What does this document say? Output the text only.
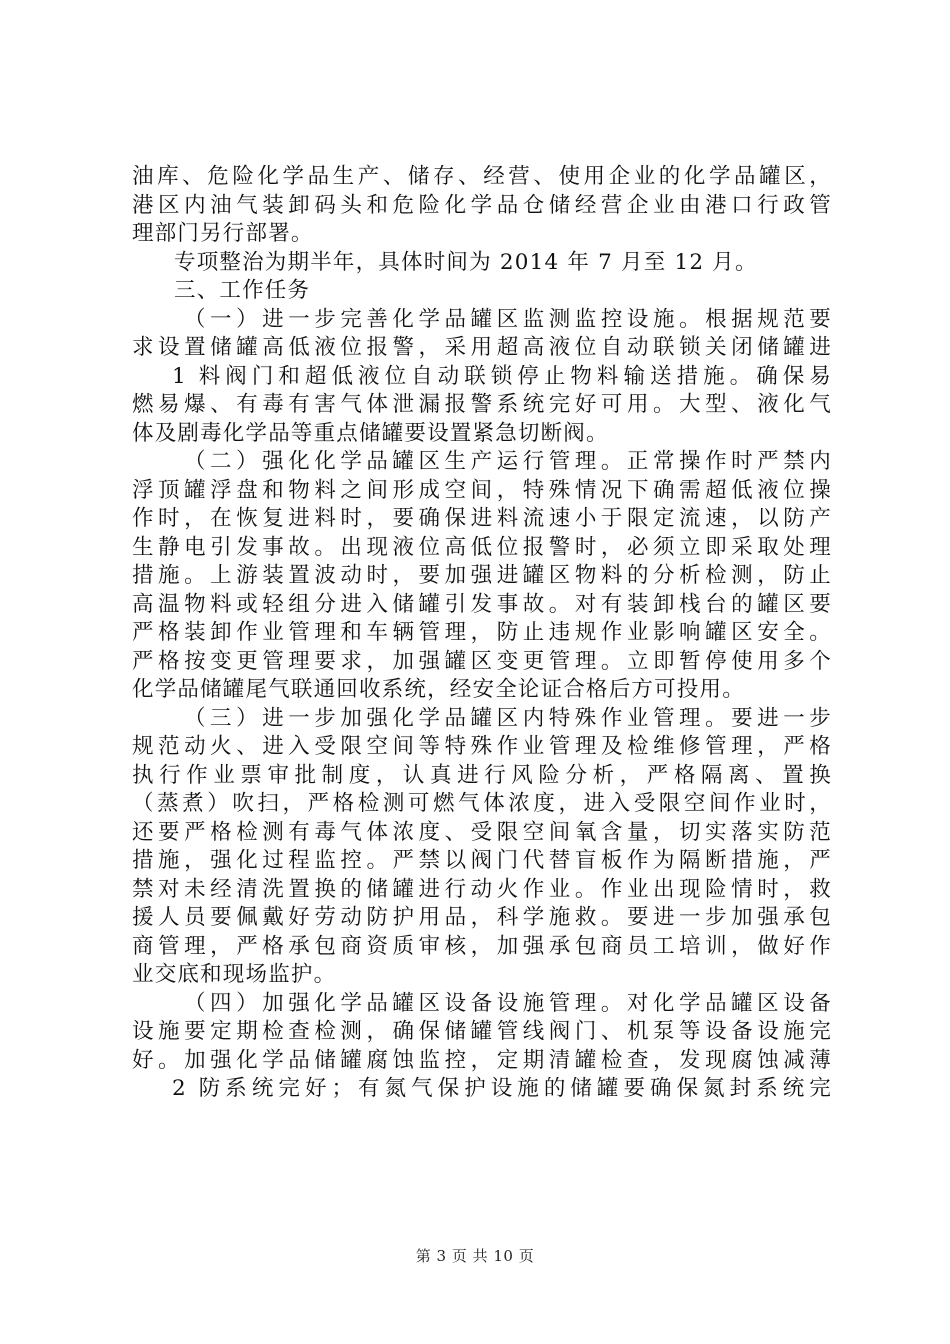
油库、危险化学品生产、储存、经营、使用企业的化学品罐区，
港区内油气装卸码头和危险化学品仓储经营企业由港口行政管
理部门另行部署。
专项整治为期半年，具体时间为 2014 年 7 月至 12 月。
三、工作任务
（一）进一步完善化学品罐区监测监控设施。根据规范要
求设置储罐高低液位报警，采用超高液位自动联锁关闭储罐进
1 料阀门和超低液位自动联锁停止物料输送措施。确保易
燃易爆、有毒有害气体泄漏报警系统完好可用。大型、液化气
体及剧毒化学品等重点储罐要设置紧急切断阀。
（二）强化化学品罐区生产运行管理。正常操作时严禁内
浮顶罐浮盘和物料之间形成空间，特殊情况下确需超低液位操
作时，在恢复进料时，要确保进料流速小于限定流速，以防产
生静电引发事故。出现液位高低位报警时，必须立即采取处理
措施。上游装置波动时，要加强进罐区物料的分析检测，防止
高温物料或轻组分进入储罐引发事故。对有装卸栈台的罐区要
严格装卸作业管理和车辆管理，防止违规作业影响罐区安全。
严格按变更管理要求，加强罐区变更管理。立即暂停使用多个
化学品储罐尾气联通回收系统，经安全论证合格后方可投用。
（三）进一步加强化学品罐区内特殊作业管理。要进一步
规范动火、进入受限空间等特殊作业管理及检维修管理，严格
执行作业票审批制度，认真进行风险分析，严格隔离、置换
（蒸煮）吹扫，严格检测可燃气体浓度，进入受限空间作业时，
还要严格检测有毒气体浓度、受限空间氧含量，切实落实防范
措施，强化过程监控。严禁以阀门代替盲板作为隔断措施，严
禁对未经清洗置换的储罐进行动火作业。作业出现险情时，救
援人员要佩戴好劳动防护用品，科学施救。要进一步加强承包
商管理，严格承包商资质审核，加强承包商员工培训，做好作
业交底和现场监护。
（四）加强化学品罐区设备设施管理。对化学品罐区设备
设施要定期检查检测，确保储罐管线阀门、机泵等设备设施完
好。加强化学品储罐腐蚀监控，定期清罐检查，发现腐蚀减薄
2 防系统完好；有氮气保护设施的储罐要确保氮封系统完
第 3 页 共 10 页
